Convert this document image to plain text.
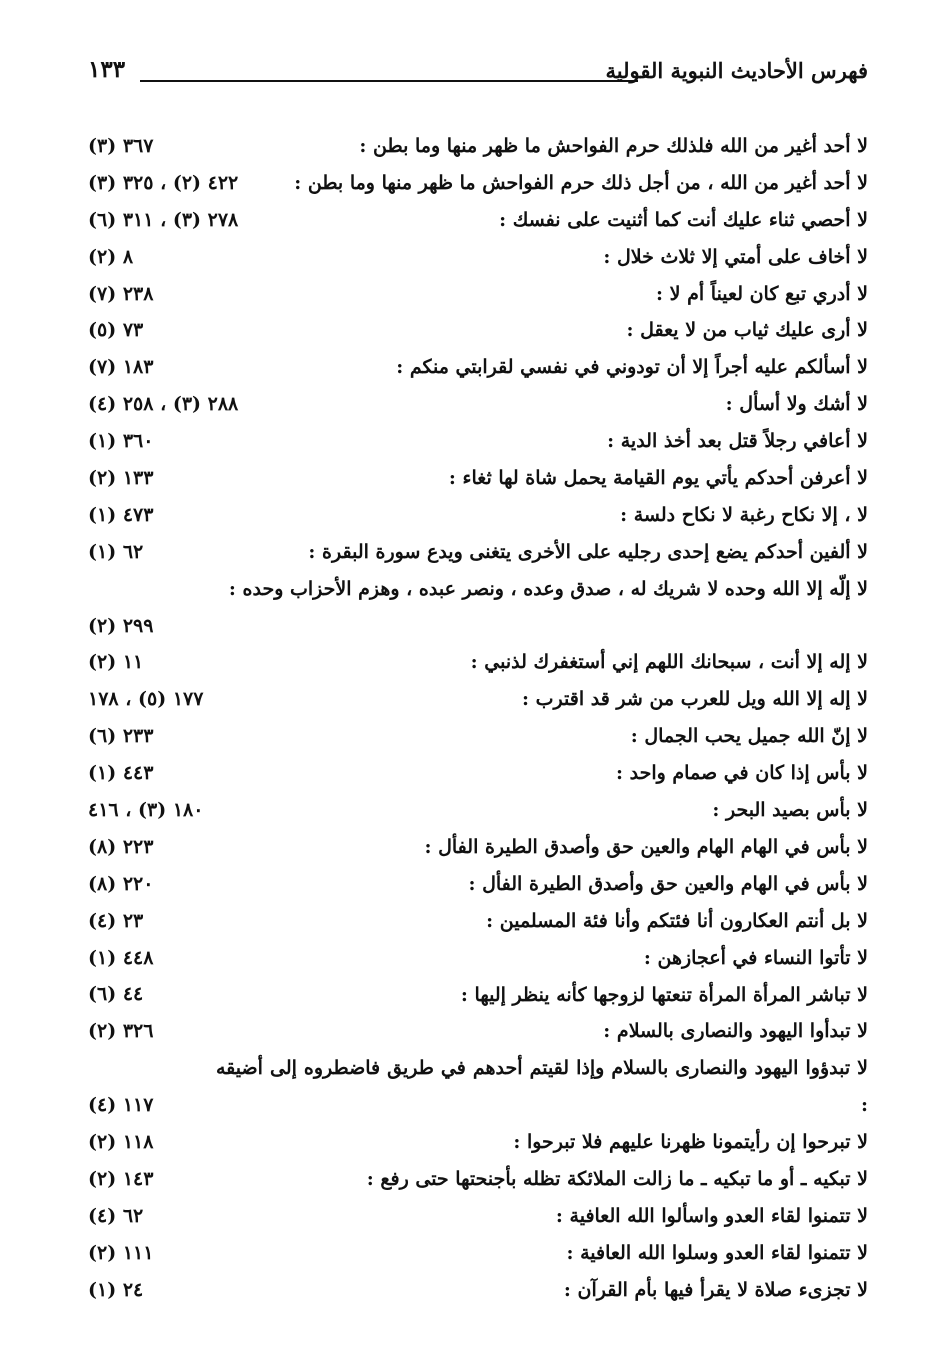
فهرس الأحاديث النبوية القولية
١٣٣
لا أحد أغير من الله فلذلك حرم الفواحش ما ظهر منها وما بطن :
٣٦٧ (٣)
لا أحد أغير من الله ، من أجل ذلك حرم الفواحش ما ظهر منها وما بطن :
٤٢٢ (٢) ، ٣٢٥ (٣)
لا أحصي ثناء عليك أنت كما أثنيت على نفسك :
٢٧٨ (٣) ، ٣١١ (٦)
لا أخاف على أمتي إلا ثلاث خلال :
٨ (٢)
لا أدري تبع كان لعيناً أم لا :
٢٣٨ (٧)
لا أرى عليك ثياب من لا يعقل :
٧٣ (٥)
لا أسألكم عليه أجراً إلا أن تودوني في نفسي لقرابتي منكم :
١٨٣ (٧)
لا أشك ولا أسأل :
٢٨٨ (٣) ، ٢٥٨ (٤)
لا أعافي رجلاً قتل بعد أخذ الدية :
٣٦٠ (١)
لا أعرفن أحدكم يأتي يوم القيامة يحمل شاة لها ثغاء :
١٣٣ (٢)
لا ، إلا نكاح رغبة لا نكاح دلسة :
٤٧٣ (١)
لا ألفين أحدكم يضع إحدى رجليه على الأخرى يتغنى ويدع سورة البقرة :
٦٢ (١)
لا إلّه إلا الله وحده لا شريك له ، صدق وعده ، ونصر عبده ، وهزم الأحزاب وحده :
٢٩٩ (٢)
لا إله إلا أنت ، سبحانك اللهم إني أستغفرك لذنبي :
١١ (٢)
لا إله إلا الله ويل للعرب من شر قد اقترب :
١٧٧ (٥) ، ١٧٨
لا إنّ الله جميل يحب الجمال :
٢٣٣ (٦)
لا بأس إذا كان في صمام واحد :
٤٤٣ (١)
لا بأس بصيد البحر :
١٨٠ (٣) ، ٤١٦
لا بأس في الهام الهام والعين حق وأصدق الطيرة الفأل :
٢٢٣ (٨)
لا بأس في الهام والعين حق وأصدق الطيرة الفأل :
٢٢٠ (٨)
لا بل أنتم العكارون أنا فئتكم وأنا فئة المسلمين :
٢٣ (٤)
لا تأتوا النساء في أعجازهن :
٤٤٨ (١)
لا تباشر المرأة المرأة تنعتها لزوجها كأنه ينظر إليها :
٤٤ (٦)
لا تبدأوا اليهود والنصارى بالسلام :
٣٢٦ (٢)
لا تبدؤوا اليهود والنصارى بالسلام وإذا لقيتم أحدهم في طريق فاضطروه إلى أضيقه :
١١٧ (٤)
لا تبرحوا إن رأيتمونا ظهرنا عليهم فلا تبرحوا :
١١٨ (٢)
لا تبكيه ـ أو ما تبكيه ـ ما زالت الملائكة تظله بأجنحتها حتى رفع :
١٤٣ (٢)
لا تتمنوا لقاء العدو واسألوا الله العافية :
٦٢ (٤)
لا تتمنوا لقاء العدو وسلوا الله العافية :
١١١ (٢)
لا تجزىء صلاة لا يقرأ فيها بأم القرآن :
٢٤ (١)
